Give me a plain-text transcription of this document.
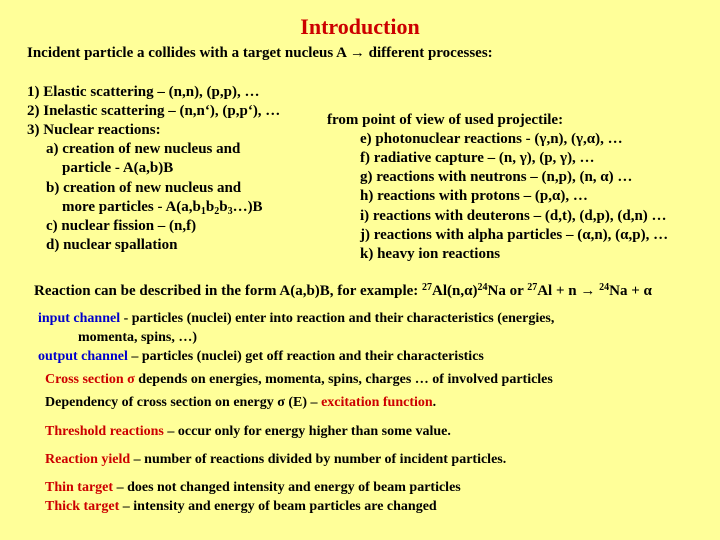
Introduction
Incident particle a collides with a target nucleus A → different processes:
1) Elastic scattering – (n,n), (p,p), …
2) Inelastic scattering – (n,n‘), (p,p‘), …
3) Nuclear reactions:
a) creation of new nucleus and
particle - A(a,b)B
b) creation of new nucleus and
more particles - $A(a,b_1b_2b_3\dots)B$
c) nuclear fission – (n,f)
d) nuclear spallation
from point of view of used projectile:
e) photonuclear reactions - (γ,n), (γ,α), …
f) radiative capture – (n, γ), (p, γ), …
g) reactions with neutrons – (n,p), (n, α) …
h) reactions with protons – (p,α), …
i) reactions with deuterons – (d,t), (d,p), (d,n) …
j) reactions with alpha particles – (α,n), (α,p), …
k) heavy ion reactions
Reaction can be described in the form A(a,b)B, for example: $^{27}Al(n,\alpha)^{24}Na$ or $^{27}$Al + n → $^{24}$Na + α
input channel - particles (nuclei) enter into reaction and their characteristics (energies,
momenta, spins, …)
output channel – particles (nuclei) get off reaction and their characteristics
Cross section σ depends on energies, momenta, spins, charges … of involved particles
Dependency of cross section on energy σ (E) – excitation function.
Threshold reactions – occur only for energy higher than some value.
Reaction yield – number of reactions divided by number of incident particles.
Thin target – does not changed intensity and energy of beam particles
Thick target – intensity and energy of beam particles are changed
